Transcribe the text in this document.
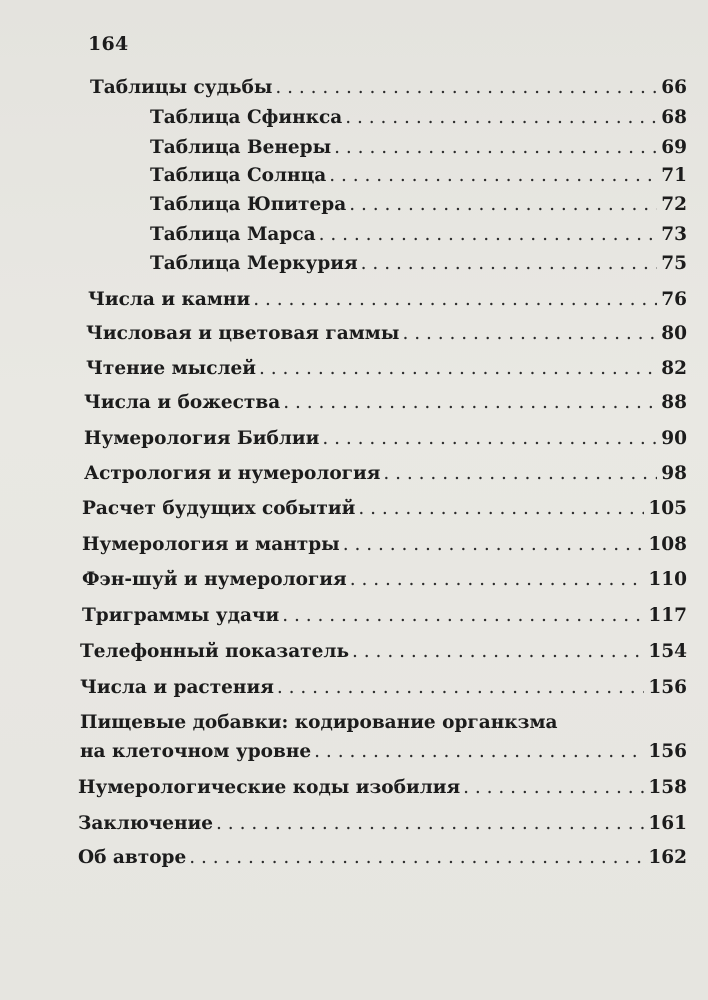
164
Таблицы судьбы . . .	66
Таблица Сфинкса . . .	68
Таблица Венеры . . .	69
Таблица Солнца . . .	71
Таблица Юпитера . . .	72
Таблица Марса . . .	73
Таблица Меркурия . . .	75
Числа и камни . . .	76
Числовая и цветовая гаммы . . .	80
Чтение мыслей . . .	82
Числа и божества . . .	88
Нумерология Библии . . .	90
Астрология и нумерология . . .	98
Расчет будущих событий . . .	105
Нумерология и мантры . . .	108
Фэн-шуй и нумерология . . .	110
Триграммы удачи . . .	117
Телефонный показатель . . .	154
Числа и растения . . .	156
Пищевые добавки: кодирование органкзма
на клеточном уровне . . .	156
Нумерологические коды изобилия . . .	158
Заключение . . .	161
Об авторе . . .	162
